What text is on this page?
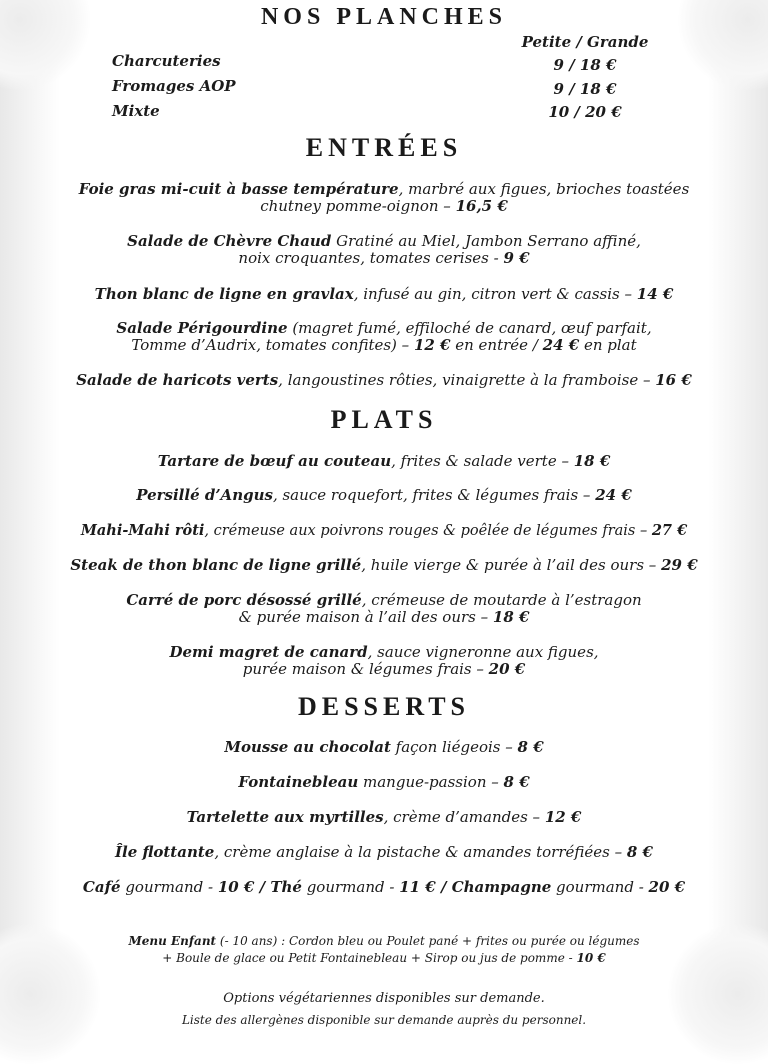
NOS PLANCHES
Petite / Grande
Charcuteries	9 / 18 €
Fromages AOP	9 / 18 €
Mixte	10 / 20 €
ENTRÉES
Foie gras mi-cuit à basse température, marbré aux figues, brioches toastées
chutney pomme-oignon – 16,5 €
Salade de Chèvre Chaud Gratiné au Miel, Jambon Serrano affiné,
noix croquantes, tomates cerises - 9 €
Thon blanc de ligne en gravlax, infusé au gin, citron vert & cassis – 14 €
Salade Périgourdine (magret fumé, effiloché de canard, œuf parfait,
Tomme d’Audrix, tomates confites) – 12 € en entrée / 24 € en plat
Salade de haricots verts, langoustines rôties, vinaigrette à la framboise – 16 €
PLATS
Tartare de bœuf au couteau, frites & salade verte – 18 €
Persillé d’Angus, sauce roquefort, frites & légumes frais – 24 €
Mahi-Mahi rôti, crémeuse aux poivrons rouges & poêlée de légumes frais – 27 €
Steak de thon blanc de ligne grillé, huile vierge & purée à l’ail des ours – 29 €
Carré de porc désossé grillé, crémeuse de moutarde à l’estragon
& purée maison à l’ail des ours – 18 €
Demi magret de canard, sauce vigneronne aux figues,
purée maison & légumes frais – 20 €
DESSERTS
Mousse au chocolat façon liégeois – 8 €
Fontainebleau mangue-passion – 8 €
Tartelette aux myrtilles, crème d’amandes – 12 €
Île flottante, crème anglaise à la pistache & amandes torréfiées – 8 €
Café gourmand - 10 € / Thé gourmand - 11 € / Champagne gourmand - 20 €
Menu Enfant (- 10 ans) : Cordon bleu ou Poulet pané + frites ou purée ou légumes
+ Boule de glace ou Petit Fontainebleau + Sirop ou jus de pomme - 10 €
Options végétariennes disponibles sur demande.
Liste des allergènes disponible sur demande auprès du personnel.
